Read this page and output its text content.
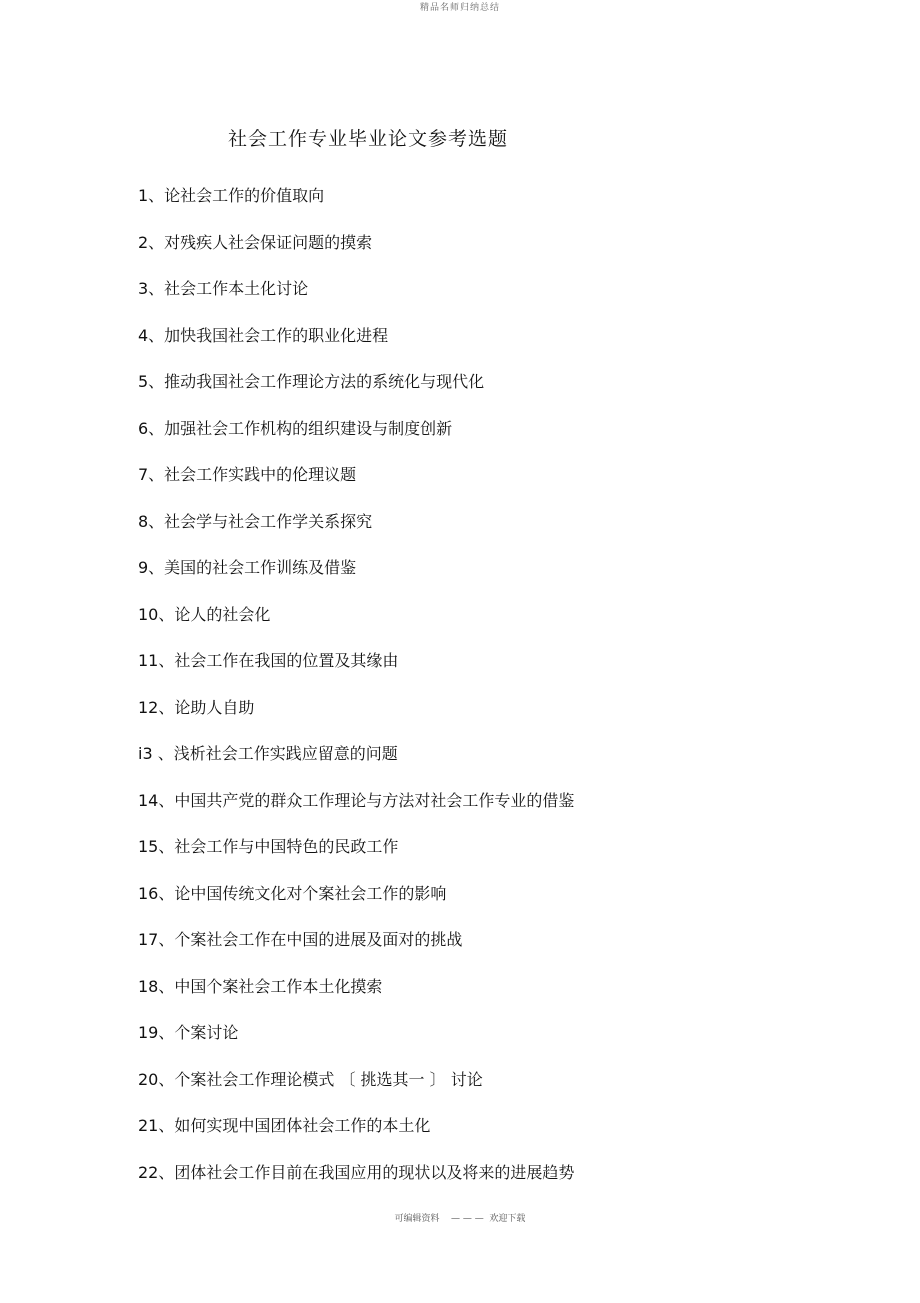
精品名师归纳总结
社会工作专业毕业论文参考选题
1、论社会工作的价值取向
2、对残疾人社会保证问题的摸索
3、社会工作本土化讨论
4、加快我国社会工作的职业化进程
5、推动我国社会工作理论方法的系统化与现代化
6、加强社会工作机构的组织建设与制度创新
7、社会工作实践中的伦理议题
8、社会学与社会工作学关系探究
9、美国的社会工作训练及借鉴
10、论人的社会化
11、社会工作在我国的位置及其缘由
12、论助人自助
i3 、浅析社会工作实践应留意的问题
14、中国共产党的群众工作理论与方法对社会工作专业的借鉴
15、社会工作与中国特色的民政工作
16、论中国传统文化对个案社会工作的影响
17、个案社会工作在中国的进展及面对的挑战
18、中国个案社会工作本土化摸索
19、个案讨论
20、个案社会工作理论模式 〔 挑选其一 〕 讨论
21、如何实现中国团体社会工作的本土化
22、团体社会工作目前在我国应用的现状以及将来的进展趋势
可编辑资料    — — —  欢迎下载
